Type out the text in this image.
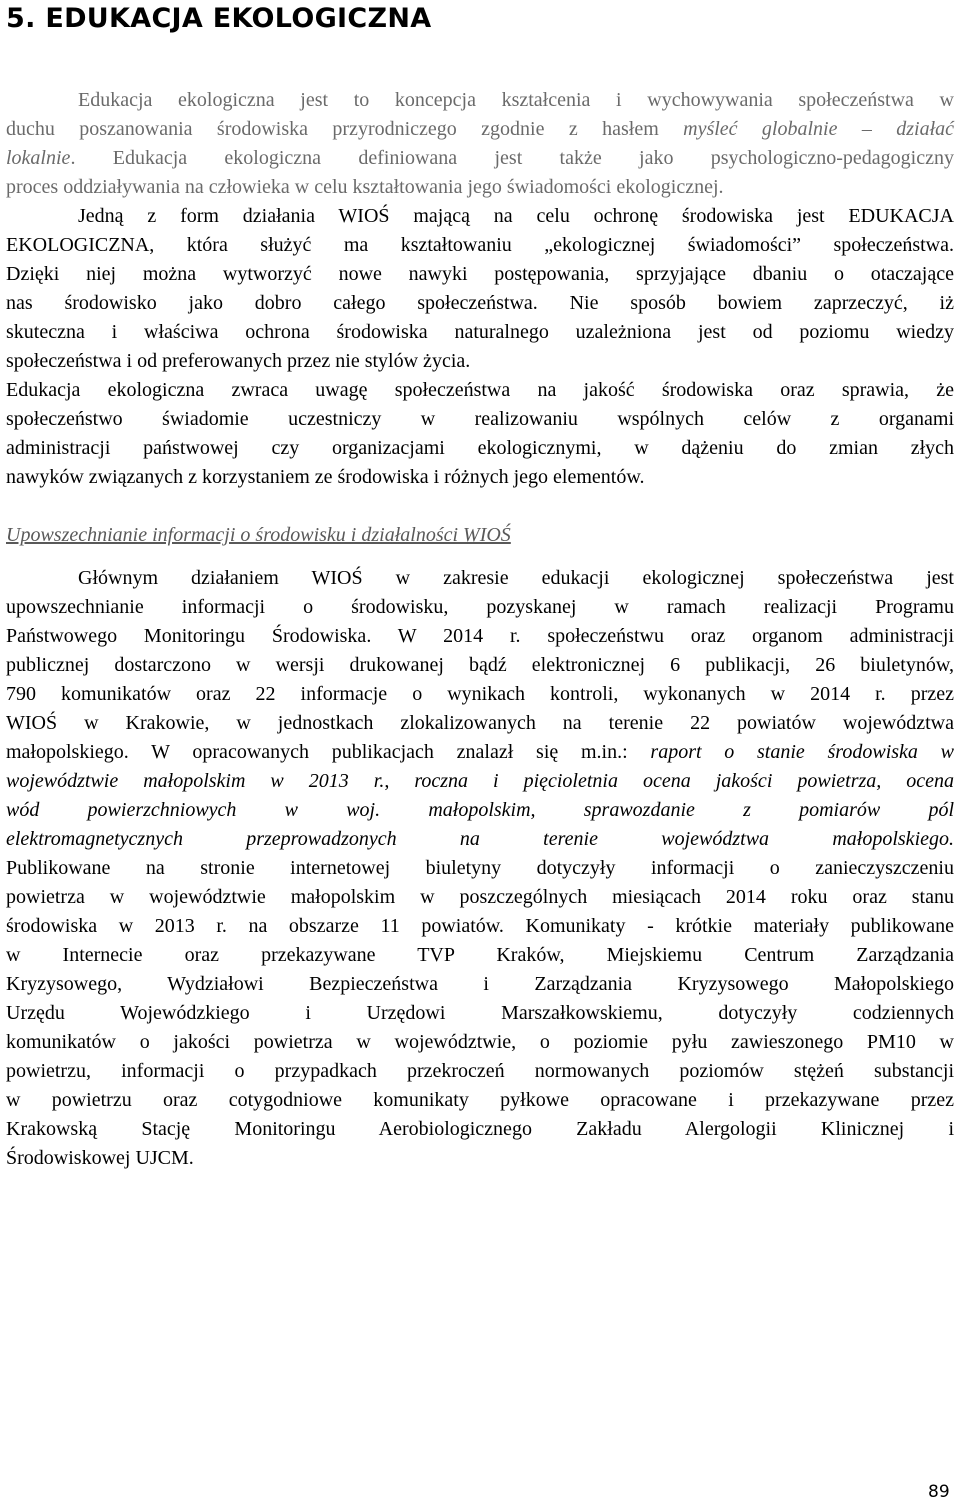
5. EDUKACJA EKOLOGICZNA
Edukacja ekologiczna jest to koncepcja kształcenia i wychowywania społeczeństwa w
duchu poszanowania środowiska przyrodniczego zgodnie z hasłem myśleć globalnie – działać
lokalnie. Edukacja ekologiczna definiowana jest także jako psychologiczno-pedagogiczny
proces oddziaływania na człowieka w celu kształtowania jego świadomości ekologicznej.
Jedną z form działania WIOŚ mającą na celu ochronę środowiska jest EDUKACJA
EKOLOGICZNA, która służyć ma kształtowaniu „ekologicznej świadomości” społeczeństwa.
Dzięki niej można wytworzyć nowe nawyki postępowania, sprzyjające dbaniu o otaczające
nas środowisko jako dobro całego społeczeństwa. Nie sposób bowiem zaprzeczyć, iż
skuteczna i właściwa ochrona środowiska naturalnego uzależniona jest od poziomu wiedzy
społeczeństwa i od preferowanych przez nie stylów życia.
Edukacja ekologiczna zwraca uwagę społeczeństwa na jakość środowiska oraz sprawia, że
społeczeństwo świadomie uczestniczy w realizowaniu wspólnych celów z organami
administracji państwowej czy organizacjami ekologicznymi, w dążeniu do zmian złych
nawyków związanych z korzystaniem ze środowiska i różnych jego elementów.
Upowszechnianie informacji o środowisku i działalności WIOŚ
Głównym działaniem WIOŚ w zakresie edukacji ekologicznej społeczeństwa jest
upowszechnianie informacji o środowisku, pozyskanej w ramach realizacji Programu
Państwowego Monitoringu Środowiska. W 2014 r. społeczeństwu oraz organom administracji
publicznej dostarczono w wersji drukowanej bądź elektronicznej 6 publikacji, 26 biuletynów,
790 komunikatów oraz 22 informacje o wynikach kontroli, wykonanych w 2014 r. przez
WIOŚ w Krakowie, w jednostkach zlokalizowanych na terenie 22 powiatów województwa
małopolskiego. W opracowanych publikacjach znalazł się m.in.: raport o stanie środowiska w
województwie małopolskim w 2013 r., roczna i pięcioletnia ocena jakości powietrza, ocena
wód powierzchniowych w woj. małopolskim, sprawozdanie z pomiarów pól
elektromagnetycznych przeprowadzonych na terenie województwa małopolskiego.
Publikowane na stronie internetowej biuletyny dotyczyły informacji o zanieczyszczeniu
powietrza w województwie małopolskim w poszczególnych miesiącach 2014 roku oraz stanu
środowiska w 2013 r. na obszarze 11 powiatów. Komunikaty - krótkie materiały publikowane
w Internecie oraz przekazywane TVP Kraków, Miejskiemu Centrum Zarządzania
Kryzysowego, Wydziałowi Bezpieczeństwa i Zarządzania Kryzysowego Małopolskiego
Urzędu Wojewódzkiego i Urzędowi Marszałkowskiemu, dotyczyły codziennych
komunikatów o jakości powietrza w województwie, o poziomie pyłu zawieszonego PM10 w
powietrzu, informacji o przypadkach przekroczeń normowanych poziomów stężeń substancji
w powietrzu oraz cotygodniowe komunikaty pyłkowe opracowane i przekazywane przez
Krakowską Stację Monitoringu Aerobiologicznego Zakładu Alergologii Klinicznej i
Środowiskowej UJCM.
89
